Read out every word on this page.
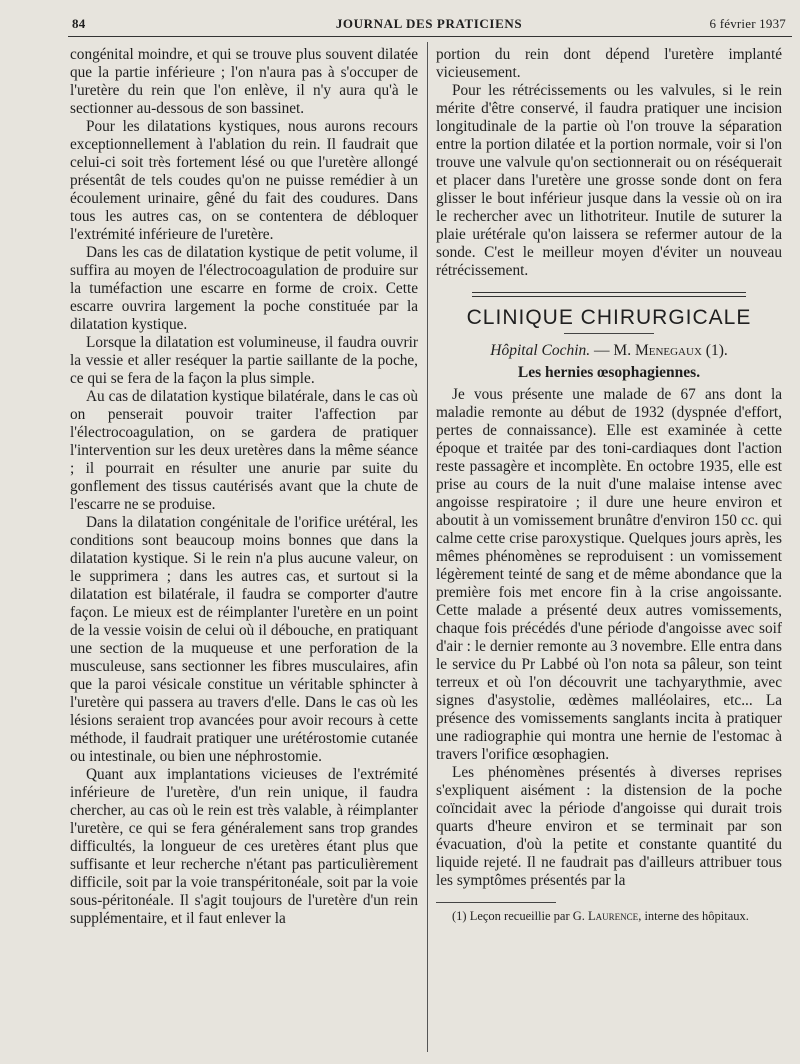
84	JOURNAL DES PRATICIENS	6 février 1937

congénital moindre, et qui se trouve plus souvent dilatée que la partie inférieure ; l'on n'aura pas à s'occuper de l'uretère du rein que l'on enlève, il n'y aura qu'à le sectionner au-dessous de son bassinet.

Pour les dilatations kystiques, nous aurons recours exceptionnellement à l'ablation du rein. Il faudrait que celui-ci soit très fortement lésé ou que l'uretère allongé présentât de tels coudes qu'on ne puisse remédier à un écoulement urinaire, gêné du fait des coudures. Dans tous les autres cas, on se contentera de débloquer l'extrémité inférieure de l'uretère.

Dans les cas de dilatation kystique de petit volume, il suffira au moyen de l'électrocoagulation de produire sur la tuméfaction une escarre en forme de croix. Cette escarre ouvrira largement la poche constituée par la dilatation kystique.

Lorsque la dilatation est volumineuse, il faudra ouvrir la vessie et aller reséquer la partie saillante de la poche, ce qui se fera de la façon la plus simple.

Au cas de dilatation kystique bilatérale, dans le cas où on penserait pouvoir traiter l'affection par l'électrocoagulation, on se gardera de pratiquer l'intervention sur les deux uretères dans la même séance ; il pourrait en résulter une anurie par suite du gonflement des tissus cautérisés avant que la chute de l'escarre ne se produise.

Dans la dilatation congénitale de l'orifice urétéral, les conditions sont beaucoup moins bonnes que dans la dilatation kystique. Si le rein n'a plus aucune valeur, on le supprimera ; dans les autres cas, et surtout si la dilatation est bilatérale, il faudra se comporter d'autre façon. Le mieux est de réimplanter l'uretère en un point de la vessie voisin de celui où il débouche, en pratiquant une section de la muqueuse et une perforation de la musculeuse, sans sectionner les fibres musculaires, afin que la paroi vésicale constitue un véritable sphincter à l'uretère qui passera au travers d'elle. Dans le cas où les lésions seraient trop avancées pour avoir recours à cette méthode, il faudrait pratiquer une urétérostomie cutanée ou intestinale, ou bien une néphrostomie.

Quant aux implantations vicieuses de l'extrémité inférieure de l'uretère, d'un rein unique, il faudra chercher, au cas où le rein est très valable, à réimplanter l'uretère, ce qui se fera généralement sans trop grandes difficultés, la longueur de ces uretères étant plus que suffisante et leur recherche n'étant pas particulièrement difficile, soit par la voie transpéritonéale, soit par la voie sous-péritonéale. Il s'agit toujours de l'uretère d'un rein supplémentaire, et il faut enlever la

portion du rein dont dépend l'uretère implanté vicieusement.

Pour les rétrécissements ou les valvules, si le rein mérite d'être conservé, il faudra pratiquer une incision longitudinale de la partie où l'on trouve la séparation entre la portion dilatée et la portion normale, voir si l'on trouve une valvule qu'on sectionnerait ou on réséquerait et placer dans l'uretère une grosse sonde dont on fera glisser le bout inférieur jusque dans la vessie où on ira le rechercher avec un lithotriteur. Inutile de suturer la plaie urétérale qu'on laissera se refermer autour de la sonde. C'est le meilleur moyen d'éviter un nouveau rétrécissement.

CLINIQUE CHIRURGICALE
Hôpital Cochin. — M. Menegaux (1).
Les hernies œsophagiennes.

Je vous présente une malade de 67 ans dont la maladie remonte au début de 1932 (dyspnée d'effort, pertes de connaissance). Elle est examinée à cette époque et traitée par des toni-cardiaques dont l'action reste passagère et incomplète. En octobre 1935, elle est prise au cours de la nuit d'une malaise intense avec angoisse respiratoire ; il dure une heure environ et aboutit à un vomissement brunâtre d'environ 150 cc. qui calme cette crise paroxystique. Quelques jours après, les mêmes phénomènes se reproduisent : un vomissement légèrement teinté de sang et de même abondance que la première fois met encore fin à la crise angoissante. Cette malade a présenté deux autres vomissements, chaque fois précédés d'une période d'angoisse avec soif d'air : le dernier remonte au 3 novembre. Elle entra dans le service du Pr Labbé où l'on nota sa pâleur, son teint terreux et où l'on découvrit une tachyarythmie, avec signes d'asystolie, œdèmes malléolaires, etc... La présence des vomissements sanglants incita à pratiquer une radiographie qui montra une hernie de l'estomac à travers l'orifice œsophagien.

Les phénomènes présentés à diverses reprises s'expliquent aisément : la distension de la poche coïncidait avec la période d'angoisse qui durait trois quarts d'heure environ et se terminait par son évacuation, d'où la petite et constante quantité du liquide rejeté. Il ne faudrait pas d'ailleurs attribuer tous les symptômes présentés par la

(1) Leçon recueillie par G. Laurence, interne des hôpitaux.
